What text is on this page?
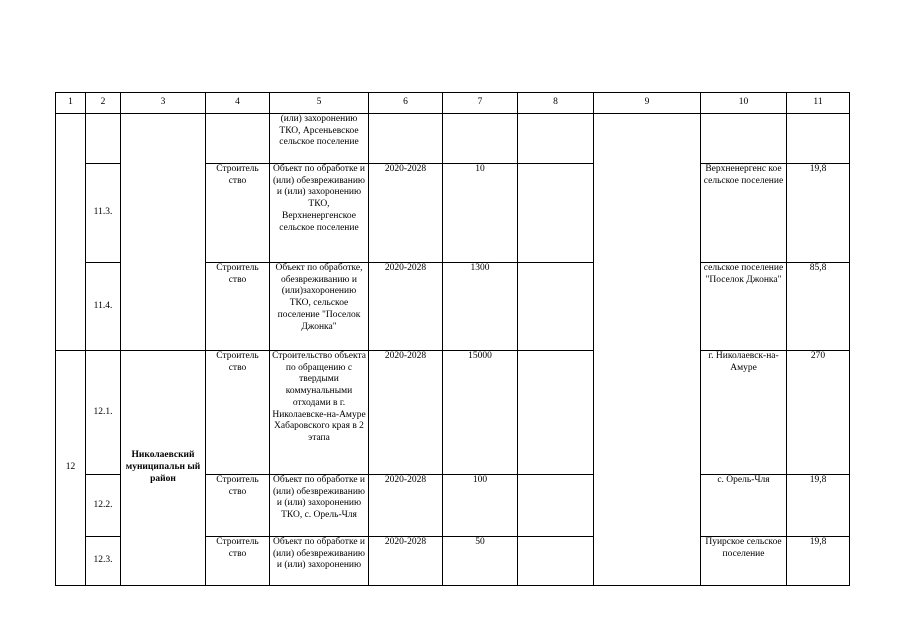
1	2	3	4	5	6	7	8	9	10	11
				(или) захоронению ТКО, Арсеньевское сельское поселение						
	11.3.		Строитель ство	Объект по обработке и (или) обезвреживанию и (или) захоронению ТКО, Верхненергенское сельское поселение	2020-2028	10			Верхненергенс кое сельское поселение	19,8
	11.4.		Строитель ство	Объект по обработке, обезвреживанию и (или)захоронению ТКО, сельское поселение "Поселок Джонка"	2020-2028	1300			сельское поселение "Поселок Джонка"	85,8
12	12.1.	Николаевский муниципальн ый район	Строитель ство	Строительство объекта по обращению с твердыми коммунальными отходами в г. Николаевске-на-Амуре Хабаровского края в 2 этапа	2020-2028	15000			г. Николаевск-на-Амуре	270
	12.2.		Строитель ство	Объект по обработке и (или) обезвреживанию и (или) захоронению ТКО, с. Орель-Чля	2020-2028	100			с. Орель-Чля	19,8
	12.3.		Строитель ство	Объект по обработке и (или) обезвреживанию и (или) захоронению	2020-2028	50			Пуирское сельское поселение	19,8
